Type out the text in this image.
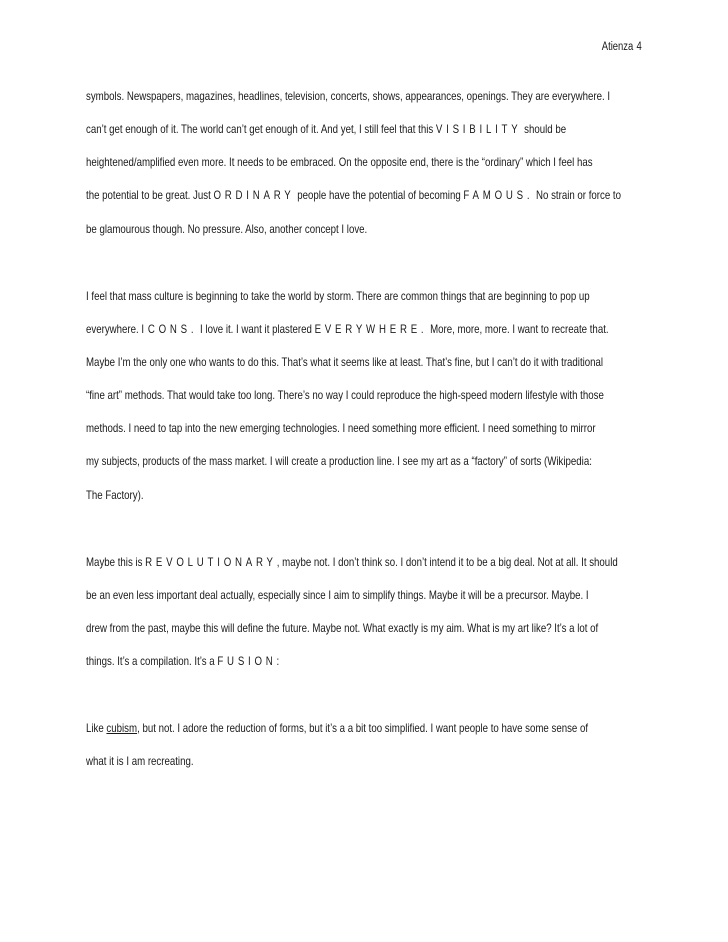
Atienza 4
symbols. Newspapers, magazines, headlines, television, concerts, shows, appearances, openings. They are everywhere. I
can’t get enough of it. The world can’t get enough of it. And yet, I still feel that this VISIBILITY should be
heightened/amplified even more. It needs to be embraced. On the opposite end, there is the “ordinary” which I feel has
the potential to be great. Just ORDINARY people have the potential of becoming FAMOUS. No strain or force to
be glamourous though. No pressure. Also, another concept I love.
I feel that mass culture is beginning to take the world by storm. There are common things that are beginning to pop up
everywhere. ICONS. I love it. I want it plastered EVERYWHERE. More, more, more. I want to recreate that.
Maybe I’m the only one who wants to do this. That’s what it seems like at least. That’s fine, but I can’t do it with traditional
“fine art” methods. That would take too long. There’s no way I could reproduce the high-speed modern lifestyle with those
methods. I need to tap into the new emerging technologies. I need something more efficient. I need something to mirror
my subjects, products of the mass market. I will create a production line. I see my art as a “factory” of sorts (Wikipedia:
The Factory).
Maybe this is REVOLUTIONARY, maybe not. I don’t think so. I don’t intend it to be a big deal. Not at all. It should
be an even less important deal actually, especially since I aim to simplify things. Maybe it will be a precursor. Maybe. I
drew from the past, maybe this will define the future. Maybe not. What exactly is my aim. What is my art like? It’s a lot of
things. It’s a compilation. It’s a FUSION:
Like cubism, but not. I adore the reduction of forms, but it’s a a bit too simplified. I want people to have some sense of
what it is I am recreating.
